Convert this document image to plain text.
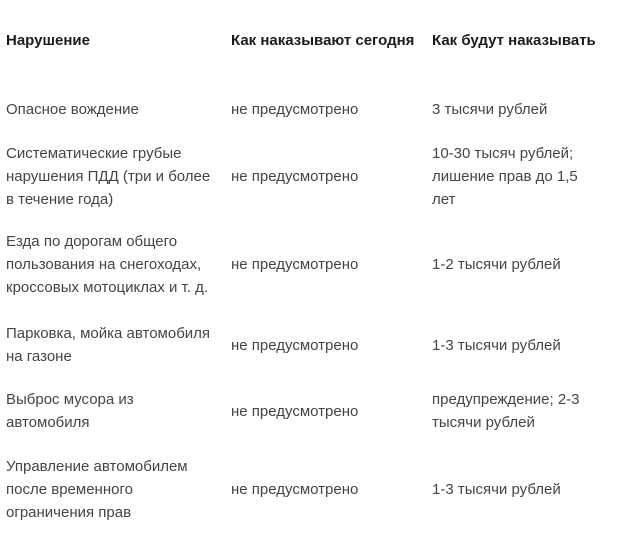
Нарушение	Как наказывают сегодня	Как будут наказывать

Опасное вождение	не предусмотрено	3 тысячи рублей

Систематические грубые нарушения ПДД (три и более в течение года)	не предусмотрено	10-30 тысяч рублей; лишение прав до 1,5 лет

Езда по дорогам общего пользования на снегоходах, кроссовых мотоциклах и т. д.	не предусмотрено	1-2 тысячи рублей

Парковка, мойка автомобиля на газоне	не предусмотрено	1-3 тысячи рублей

Выброс мусора из автомобиля	не предусмотрено	предупреждение; 2-3 тысячи рублей

Управление автомобилем после временного ограничения прав	не предусмотрено	1-3 тысячи рублей
